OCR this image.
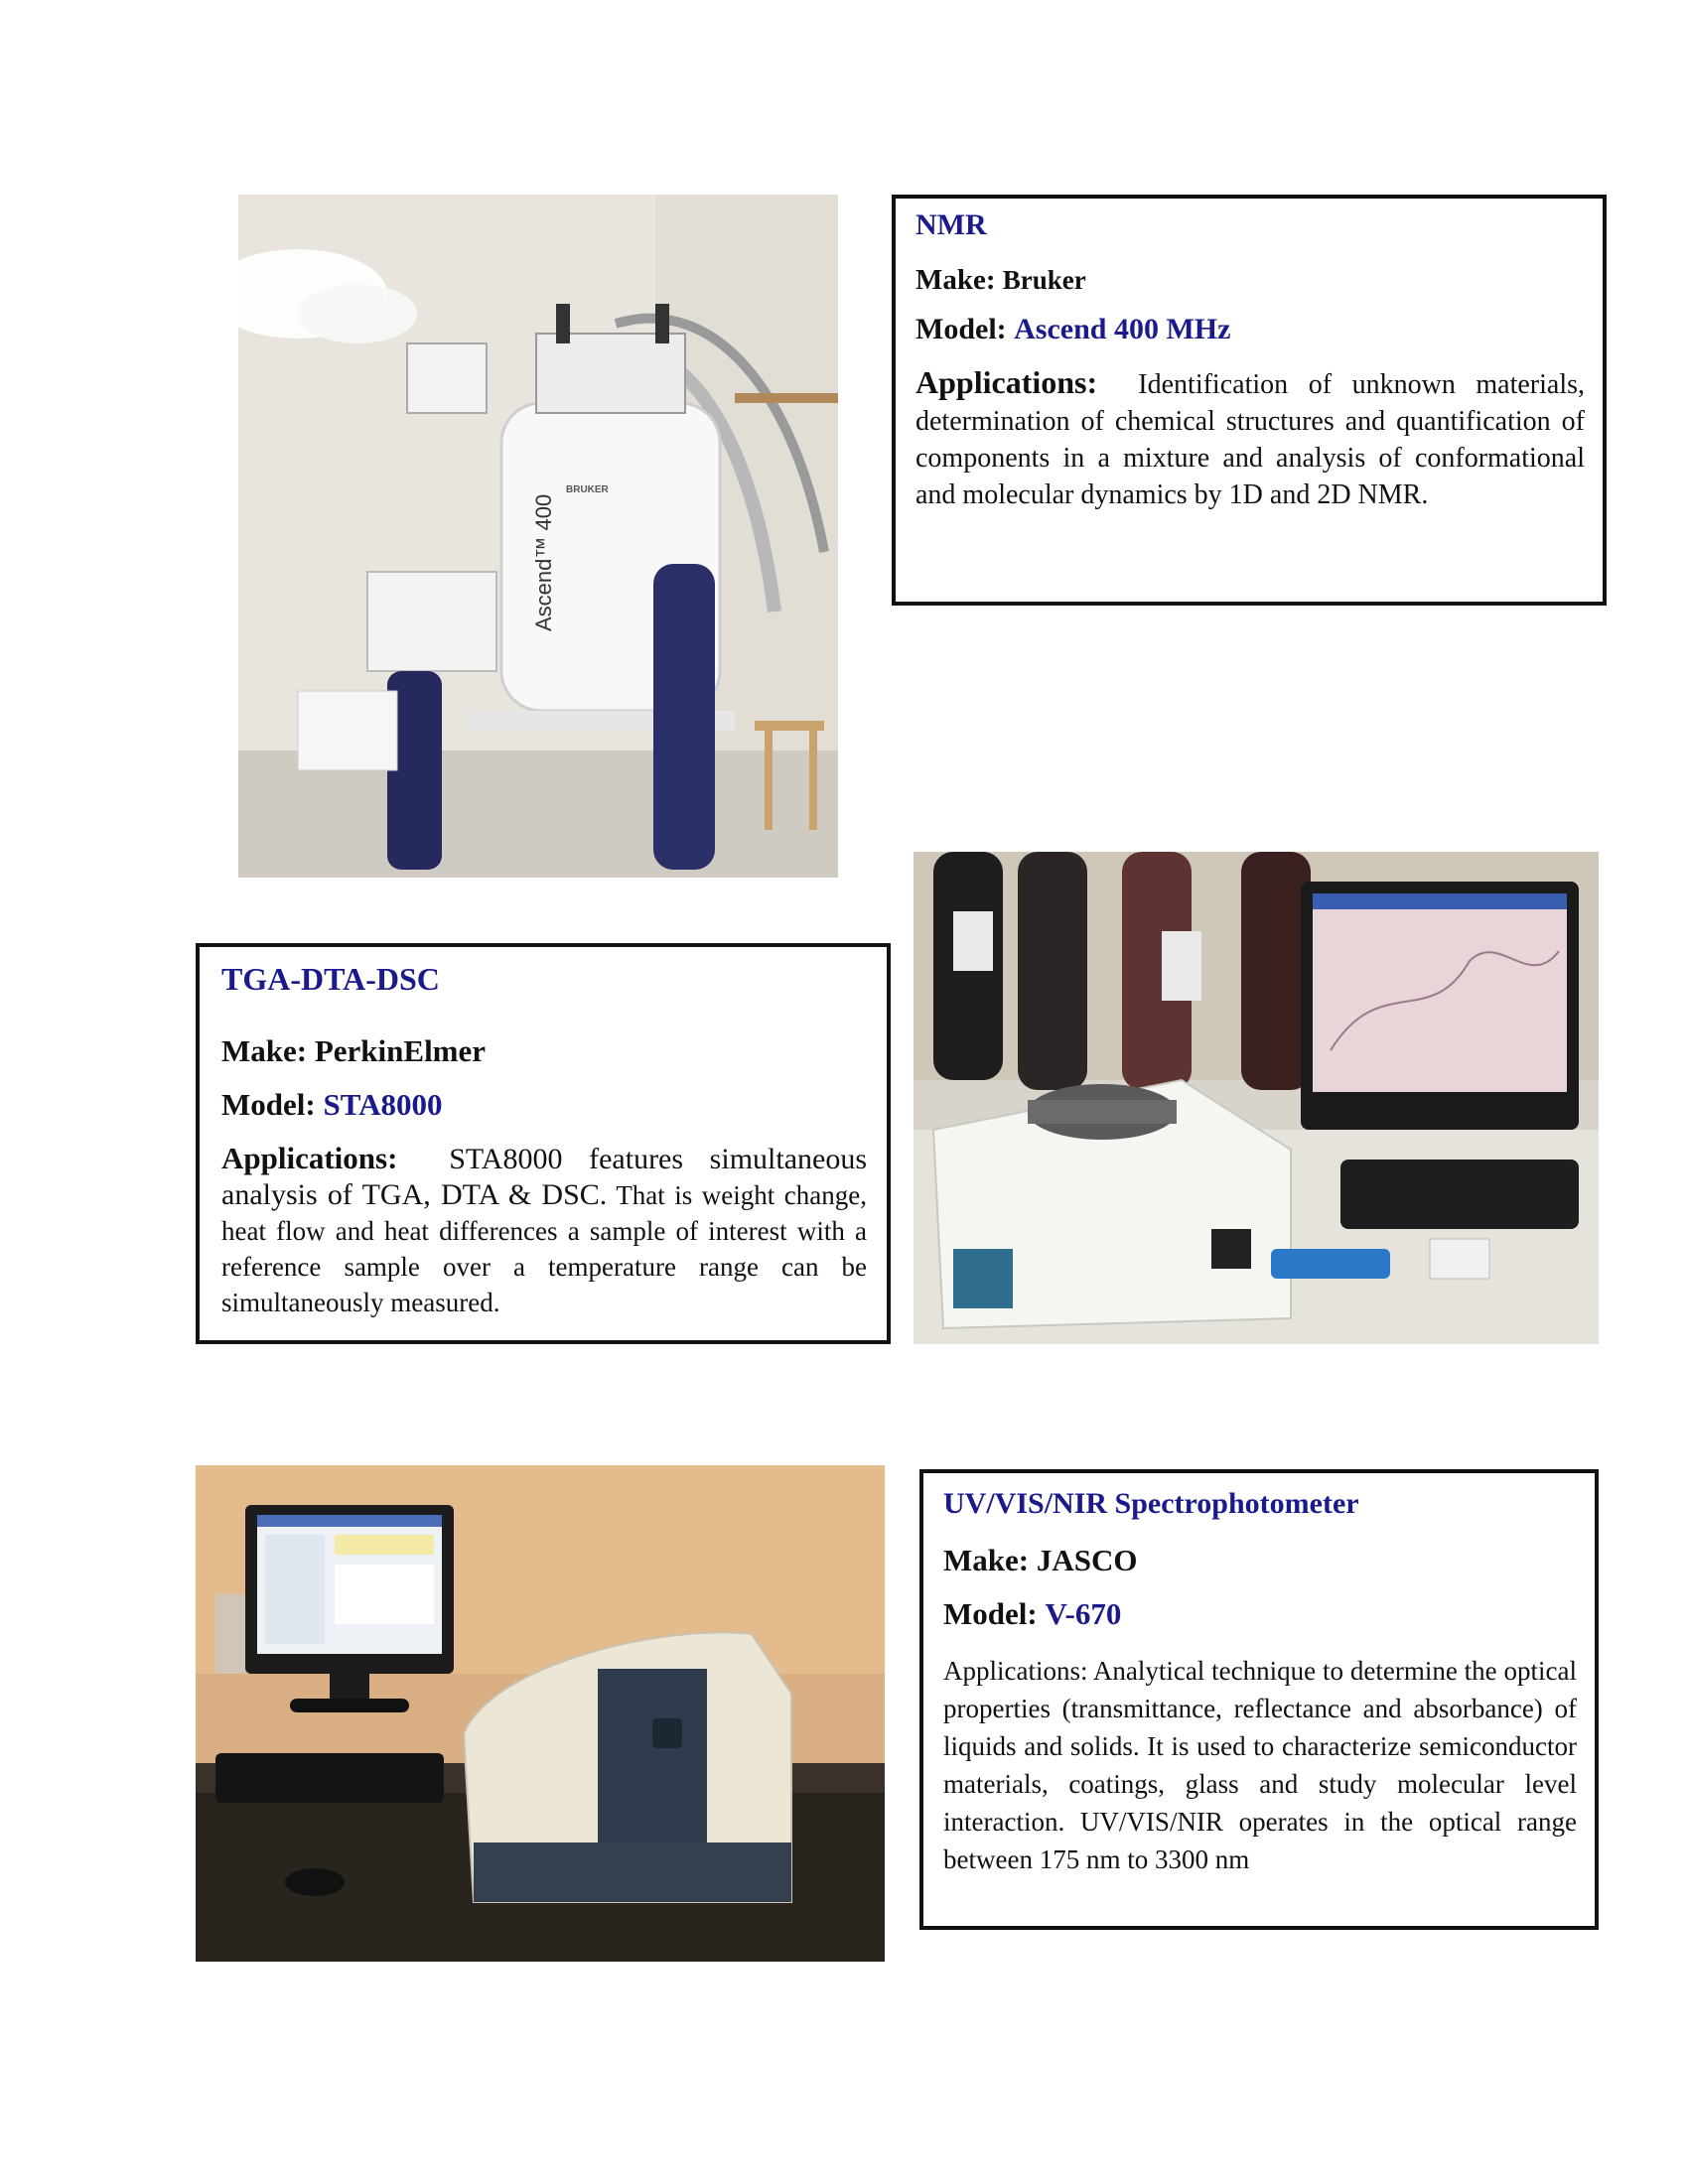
BRUKER
Ascend™ 400

NMR

Make: Bruker

Model: Ascend 400 MHz

Applications: Identification of unknown materials, determination of chemical structures and quantification of components in a mixture and analysis of conformational and molecular dynamics by 1D and 2D NMR.

TGA-DTA-DSC

Make: PerkinElmer

Model: STA8000

Applications: STA8000 features simultaneous analysis of TGA, DTA & DSC. That is weight change, heat flow and heat differences a sample of interest with a reference sample over a temperature range can be simultaneously measured.

UV/VIS/NIR Spectrophotometer

Make: JASCO

Model: V-670

Applications: Analytical technique to determine the optical properties (transmittance, reflectance and absorbance) of liquids and solids. It is used to characterize semiconductor materials, coatings, glass and study molecular level interaction. UV/VIS/NIR operates in the optical range between 175 nm to 3300 nm
